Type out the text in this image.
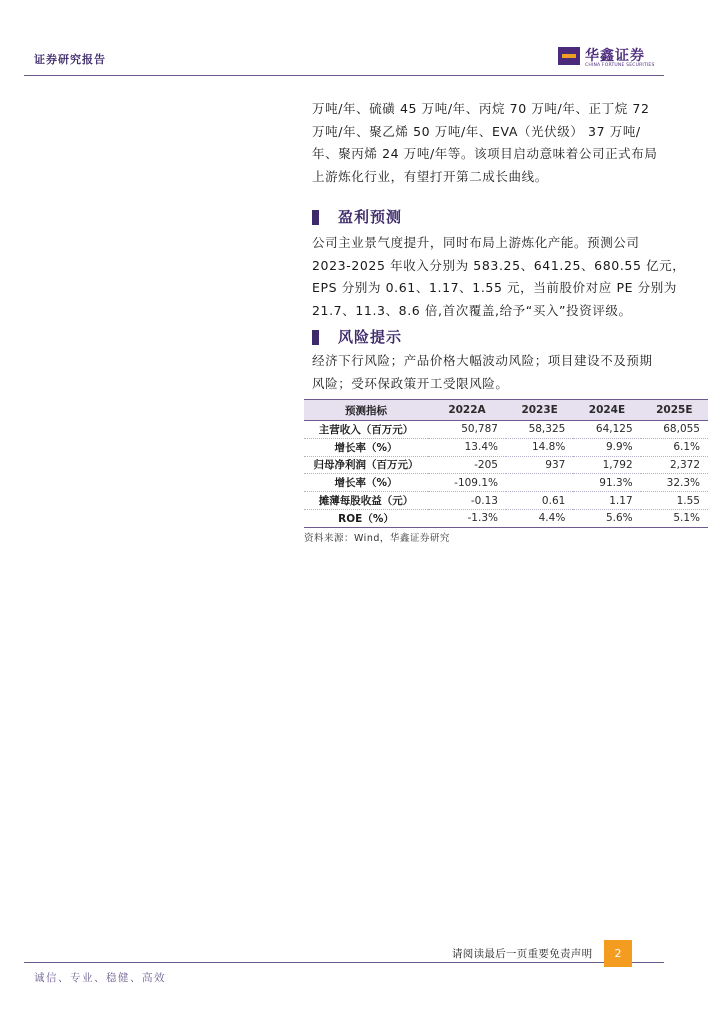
证券研究报告	华鑫证券
CHINA FORTUNE SECURITIES
万吨/年、硫磺 45 万吨/年、丙烷 70 万吨/年、正丁烷 72
万吨/年、聚乙烯 50 万吨/年、EVA（光伏级） 37 万吨/
年、聚丙烯 24 万吨/年等。该项目启动意味着公司正式布局
上游炼化行业，有望打开第二成长曲线。
盈利预测
公司主业景气度提升，同时布局上游炼化产能。预测公司
2023-2025 年收入分别为 583.25、641.25、680.55 亿元，
EPS 分别为 0.61、1.17、1.55 元，当前股价对应 PE 分别为
21.7、11.3、8.6 倍,首次覆盖,给予“买入”投资评级。
风险提示
经济下行风险；产品价格大幅波动风险；项目建设不及预期
风险；受环保政策开工受限风险。
预测指标	2022A	2023E	2024E	2025E
主营收入（百万元）	50,787	58,325	64,125	68,055
增长率（%）	13.4%	14.8%	9.9%	6.1%
归母净利润（百万元）	-205	937	1,792	2,372
增长率（%）	-109.1%		91.3%	32.3%
摊薄每股收益（元）	-0.13	0.61	1.17	1.55
ROE（%）	-1.3%	4.4%	5.6%	5.1%
资料来源：Wind，华鑫证券研究
请阅读最后一页重要免责声明	2
诚信、专业、稳健、高效
